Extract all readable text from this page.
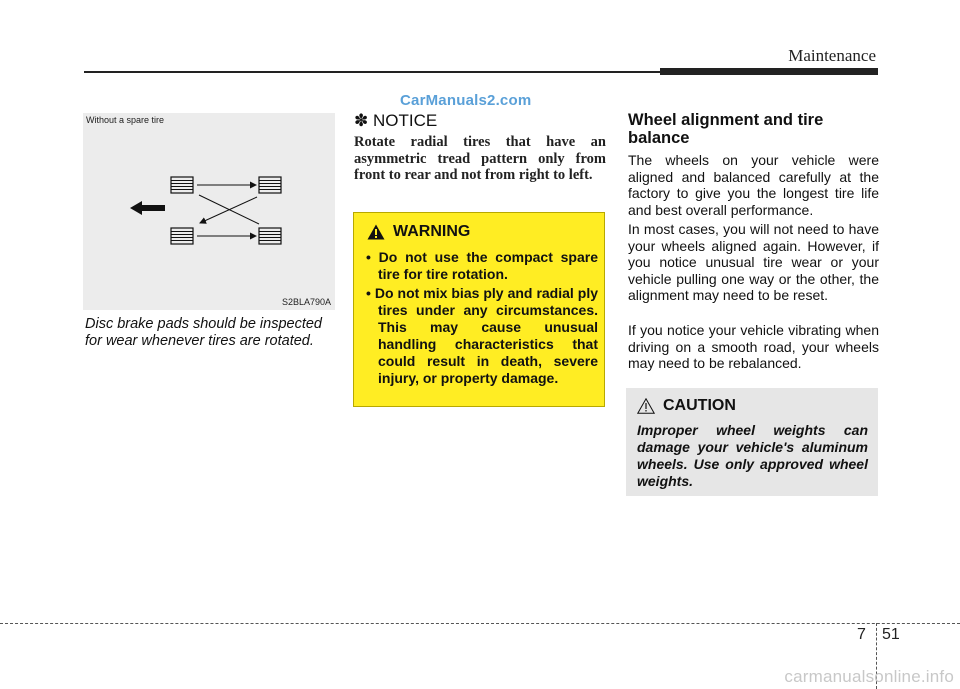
Maintenance
CarManuals2.com
Without a spare tire
S2BLA790A
Disc brake pads should be inspected for wear whenever tires are rotated.
✽ NOTICE
Rotate radial tires that have an asymmetric tread pattern only from front to rear and not from right to left.
WARNING
• Do not use the compact spare tire for tire rotation.
• Do not mix bias ply and radial ply tires under any circumstances. This may cause unusual handling characteristics that could result in death, severe injury, or property damage.
Wheel alignment and tire balance

The wheels on your vehicle were aligned and balanced carefully at the factory to give you the longest tire life and best overall performance.

In most cases, you will not need to have your wheels aligned again. However, if you notice unusual tire wear or your vehicle pulling one way or the other, the alignment may need to be reset.

If you notice your vehicle vibrating when driving on a smooth road, your wheels may need to be rebalanced.

CAUTION

Improper wheel weights can damage your vehicle's aluminum wheels. Use only approved wheel weights.

7 51
carmanualsonline.info
